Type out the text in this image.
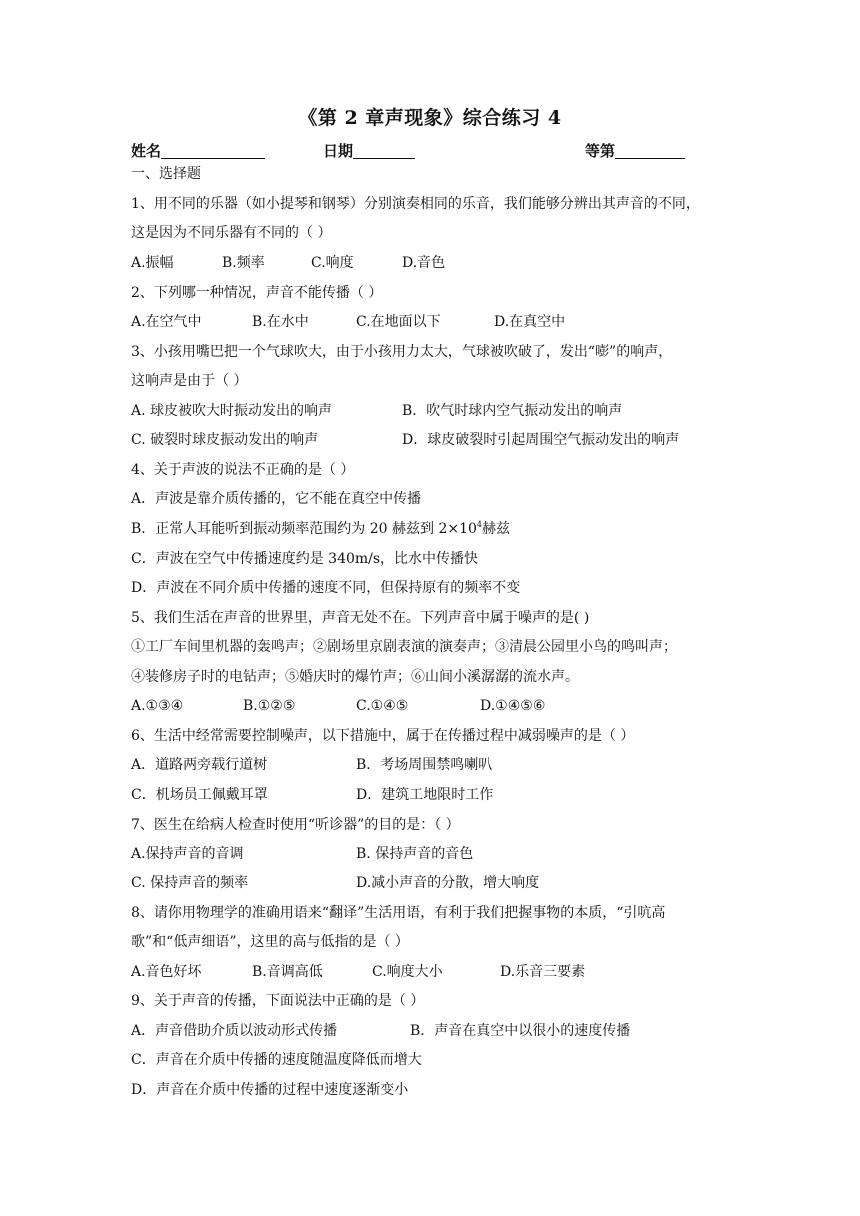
《第 2 章声现象》综合练习 4
姓名	日期	等第
一、选择题
1、用不同的乐器（如小提琴和钢琴）分别演奏相同的乐音，我们能够分辨出其声音的不同，
这是因为不同乐器有不同的（ ）
A.振幅	B.频率	C.响度	D.音色
2、下列哪一种情况，声音不能传播（ ）
A.在空气中	B.在水中	C.在地面以下	D.在真空中
3、小孩用嘴巴把一个气球吹大，由于小孩用力太大，气球被吹破了，发出“嘭”的响声，
这响声是由于（ ）
A. 球皮被吹大时振动发出的响声	B．吹气时球内空气振动发出的响声
C. 破裂时球皮振动发出的响声	D．球皮破裂时引起周围空气振动发出的响声
4、关于声波的说法不正确的是（ ）
A．声波是靠介质传播的，它不能在真空中传播
B．正常人耳能听到振动频率范围约为 20 赫兹到 $2\times 10^4$赫兹
C．声波在空气中传播速度约是 340m/s，比水中传播快
D．声波在不同介质中传播的速度不同，但保持原有的频率不变
5、我们生活在声音的世界里，声音无处不在。下列声音中属于噪声的是( )
①工厂车间里机器的轰鸣声；②剧场里京剧表演的演奏声；③清晨公园里小鸟的鸣叫声；
④装修房子时的电钻声；⑤婚庆时的爆竹声；⑥山间小溪潺潺的流水声。
A.①③④	B.①②⑤	C.①④⑤	D.①④⑤⑥
6、生活中经常需要控制噪声，以下措施中，属于在传播过程中减弱噪声的是（ ）
A．道路两旁载行道树	B．考场周围禁鸣喇叭
C．机场员工佩戴耳罩	D．建筑工地限时工作
7、医生在给病人检查时使用“听诊器”的目的是：（ ）
A.保持声音的音调	B. 保持声音的音色
C. 保持声音的频率	D.减小声音的分散，增大响度
8、请你用物理学的准确用语来“翻译”生活用语，有利于我们把握事物的本质，“引吭高
歌”和“低声细语”，这里的高与低指的是（ ）
A.音色好坏	B.音调高低	C.响度大小	D.乐音三要素
9、关于声音的传播，下面说法中正确的是（ ）
A．声音借助介质以波动形式传播	B．声音在真空中以很小的速度传播
C．声音在介质中传播的速度随温度降低而增大
D．声音在介质中传播的过程中速度逐渐变小
